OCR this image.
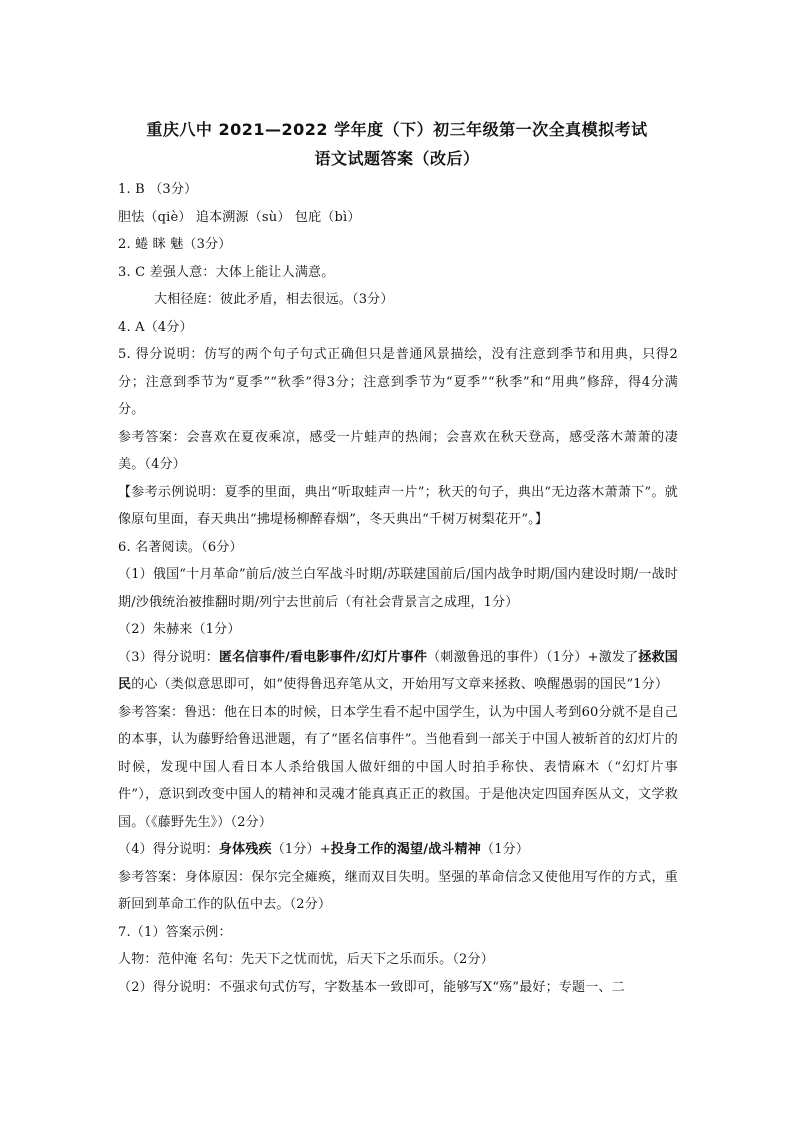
重庆八中 2021—2022 学年度（下）初三年级第一次全真模拟考试
语文试题答案（改后）

1. B （3分）

胆怯（qiè） 追本溯源（sù） 包庇（bì）

2. 蜷 眯 魅（3分）

3. C 差强人意：大体上能让人满意。

大相径庭：彼此矛盾，相去很远。（3分）

4. A（4分）

5. 得分说明：仿写的两个句子句式正确但只是普通风景描绘，没有注意到季节和用典，只得2分；注意到季节为“夏季”“秋季”得3分；注意到季节为“夏季”“秋季”和“用典”修辞，得4分满分。

参考答案：会喜欢在夏夜乘凉，感受一片蛙声的热闹；会喜欢在秋天登高，感受落木萧萧的凄美。（4分）

【参考示例说明：夏季的里面，典出“听取蛙声一片”；秋天的句子，典出“无边落木萧萧下”。就像原句里面，春天典出“拂堤杨柳醉春烟”，冬天典出“千树万树梨花开”。】

6. 名著阅读。（6分）

（1）俄国“十月革命”前后/波兰白军战斗时期/苏联建国前后/国内战争时期/国内建设时期/一战时期/沙俄统治被推翻时期/列宁去世前后（有社会背景言之成理，1分）

（2）朱赫来（1分）

（3）得分说明：匿名信事件/看电影事件/幻灯片事件（刺激鲁迅的事件）（1分）+激发了拯救国民的心（类似意思即可，如“使得鲁迅弃笔从文，开始用写文章来拯救、唤醒愚弱的国民”1分）

参考答案：鲁迅：他在日本的时候，日本学生看不起中国学生，认为中国人考到60分就不是自己的本事，认为藤野给鲁迅泄题，有了“匿名信事件”。当他看到一部关于中国人被斩首的幻灯片的时候，发现中国人看日本人杀给俄国人做奸细的中国人时拍手称快、表情麻木（“幻灯片事件”），意识到改变中国人的精神和灵魂才能真真正正的救国。于是他决定四国弃医从文，文学救国。（《藤野先生》）（2分）

（4）得分说明：身体残疾（1分）+投身工作的渴望/战斗精神（1分）

参考答案：身体原因：保尔完全瘫痪，继而双目失明。坚强的革命信念又使他用写作的方式，重新回到革命工作的队伍中去。（2分）

7.（1）答案示例：

人物：范仲淹 名句：先天下之忧而忧，后天下之乐而乐。（2分）

（2）得分说明：不强求句式仿写，字数基本一致即可，能够写X“殇”最好；专题一、二
